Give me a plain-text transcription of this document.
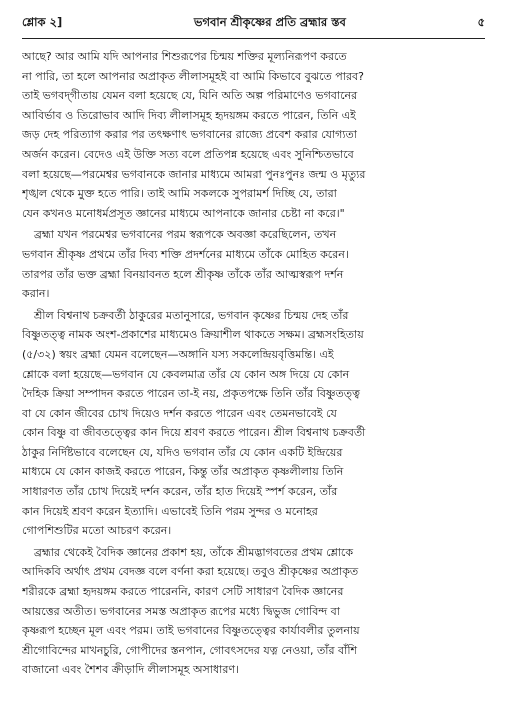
শ্লোক ২]	ভগবান শ্রীকৃষ্ণের প্রতি ব্রহ্মার স্তব	৫
আছে? আর আমি যদি আপনার শিশুরূপের চিন্ময় শক্তির মূল্যনিরূপণ করতে
না পারি, তা হলে আপনার অপ্রাকৃত লীলাসমূহই বা আমি কিভাবে বুঝতে পারব?
তাই ভগবদ্‌গীতায় যেমন বলা হয়েছে যে, যিনি অতি অল্প পরিমাণেও ভগবানের
আবির্ভাব ও তিরোভাব আদি দিব্য লীলাসমূহ হৃদয়ঙ্গম করতে পারেন, তিনি এই
জড় দেহ পরিত্যাগ করার পর তৎক্ষণাৎ ভগবানের রাজ্যে প্রবেশ করার যোগ্যতা
অর্জন করেন। বেদেও এই উক্তি সত্য বলে প্রতিপন্ন হয়েছে এবং সুনিশ্চিতভাবে
বলা হয়েছে—পরমেশ্বর ভগবানকে জানার মাধ্যমে আমরা পুনঃপুনঃ জন্ম ও মৃত্যুর
শৃঙ্খল থেকে মুক্ত হতে পারি। তাই আমি সকলকে সুপরামর্শ দিচ্ছি যে, তারা
যেন কখনও মনোধর্মপ্রসূত জ্ঞানের মাধ্যমে আপনাকে জানার চেষ্টা না করে।"
ব্রহ্মা যখন পরমেশ্বর ভগবানের পরম স্বরূপকে অবজ্ঞা করেছিলেন, তখন
ভগবান শ্রীকৃষ্ণ প্রথমে তাঁর দিব্য শক্তি প্রদর্শনের মাধ্যমে তাঁকে মোহিত করেন।
তারপর তাঁর ভক্ত ব্রহ্মা বিনয়াবনত হলে শ্রীকৃষ্ণ তাঁকে তাঁর আত্মস্বরূপ দর্শন
করান।
শ্রীল বিশ্বনাথ চক্রবর্তী ঠাকুরের মতানুসারে, ভগবান কৃষ্ণের চিন্ময় দেহ তাঁর
বিষ্ণুতত্ত্ব নামক অংশ-প্রকাশের মাধ্যমেও ক্রিয়াশীল থাকতে সক্ষম। ব্রহ্মসংহিতায়
(৫/৩২) স্বয়ং ব্রহ্মা যেমন বলেছেন—অঙ্গানি যস্য সকলেন্দ্রিয়বৃত্তিমন্তি। এই
শ্লোকে বলা হয়েছে—ভগবান যে কেবলমাত্র তাঁর যে কোন অঙ্গ দিয়ে যে কোন
দৈহিক ক্রিয়া সম্পাদন করতে পারেন তা-ই নয়, প্রকৃতপক্ষে তিনি তাঁর বিষ্ণুতত্ত্ব
বা যে কোন জীবের চোখ দিয়েও দর্শন করতে পারেন এবং তেমনভাবেই যে
কোন বিষ্ণু বা জীবতত্ত্বের কান দিয়ে শ্রবণ করতে পারেন। শ্রীল বিশ্বনাথ চক্রবর্তী
ঠাকুর নির্দিষ্টভাবে বলেছেন যে, যদিও ভগবান তাঁর যে কোন একটি ইন্দ্রিয়ের
মাধ্যমে যে কোন কাজই করতে পারেন, কিন্তু তাঁর অপ্রাকৃত কৃষ্ণলীলায় তিনি
সাধারণত তাঁর চোখ দিয়েই দর্শন করেন, তাঁর হাত দিয়েই স্পর্শ করেন, তাঁর
কান দিয়েই শ্রবণ করেন ইত্যাদি। এভাবেই তিনি পরম সুন্দর ও মনোহর
গোপশিশুটির মতো আচরণ করেন।
ব্রহ্মার থেকেই বৈদিক জ্ঞানের প্রকাশ হয়, তাঁকে শ্রীমদ্ভাগবতের প্রথম শ্লোকে
আদিকবি অর্থাৎ প্রথম বেদজ্ঞ বলে বর্ণনা করা হয়েছে। তবুও শ্রীকৃষ্ণের অপ্রাকৃত
শরীরকে ব্রহ্মা হৃদয়ঙ্গম করতে পারেননি, কারণ সেটি সাধারণ বৈদিক জ্ঞানের
আয়ত্তের অতীত। ভগবানের সমস্ত অপ্রাকৃত রূপের মধ্যে দ্বিভুজ গোবিন্দ বা
কৃষ্ণরূপ হচ্ছেন মূল এবং পরম। তাই ভগবানের বিষ্ণুতত্ত্বের কার্যাবলীর তুলনায়
শ্রীগোবিন্দের মাখনচুরি, গোপীদের স্তনপান, গোবৎসদের যত্ন নেওয়া, তাঁর বাঁশি
বাজানো এবং শৈশব ক্রীড়াদি লীলাসমূহ অসাধারণ।
